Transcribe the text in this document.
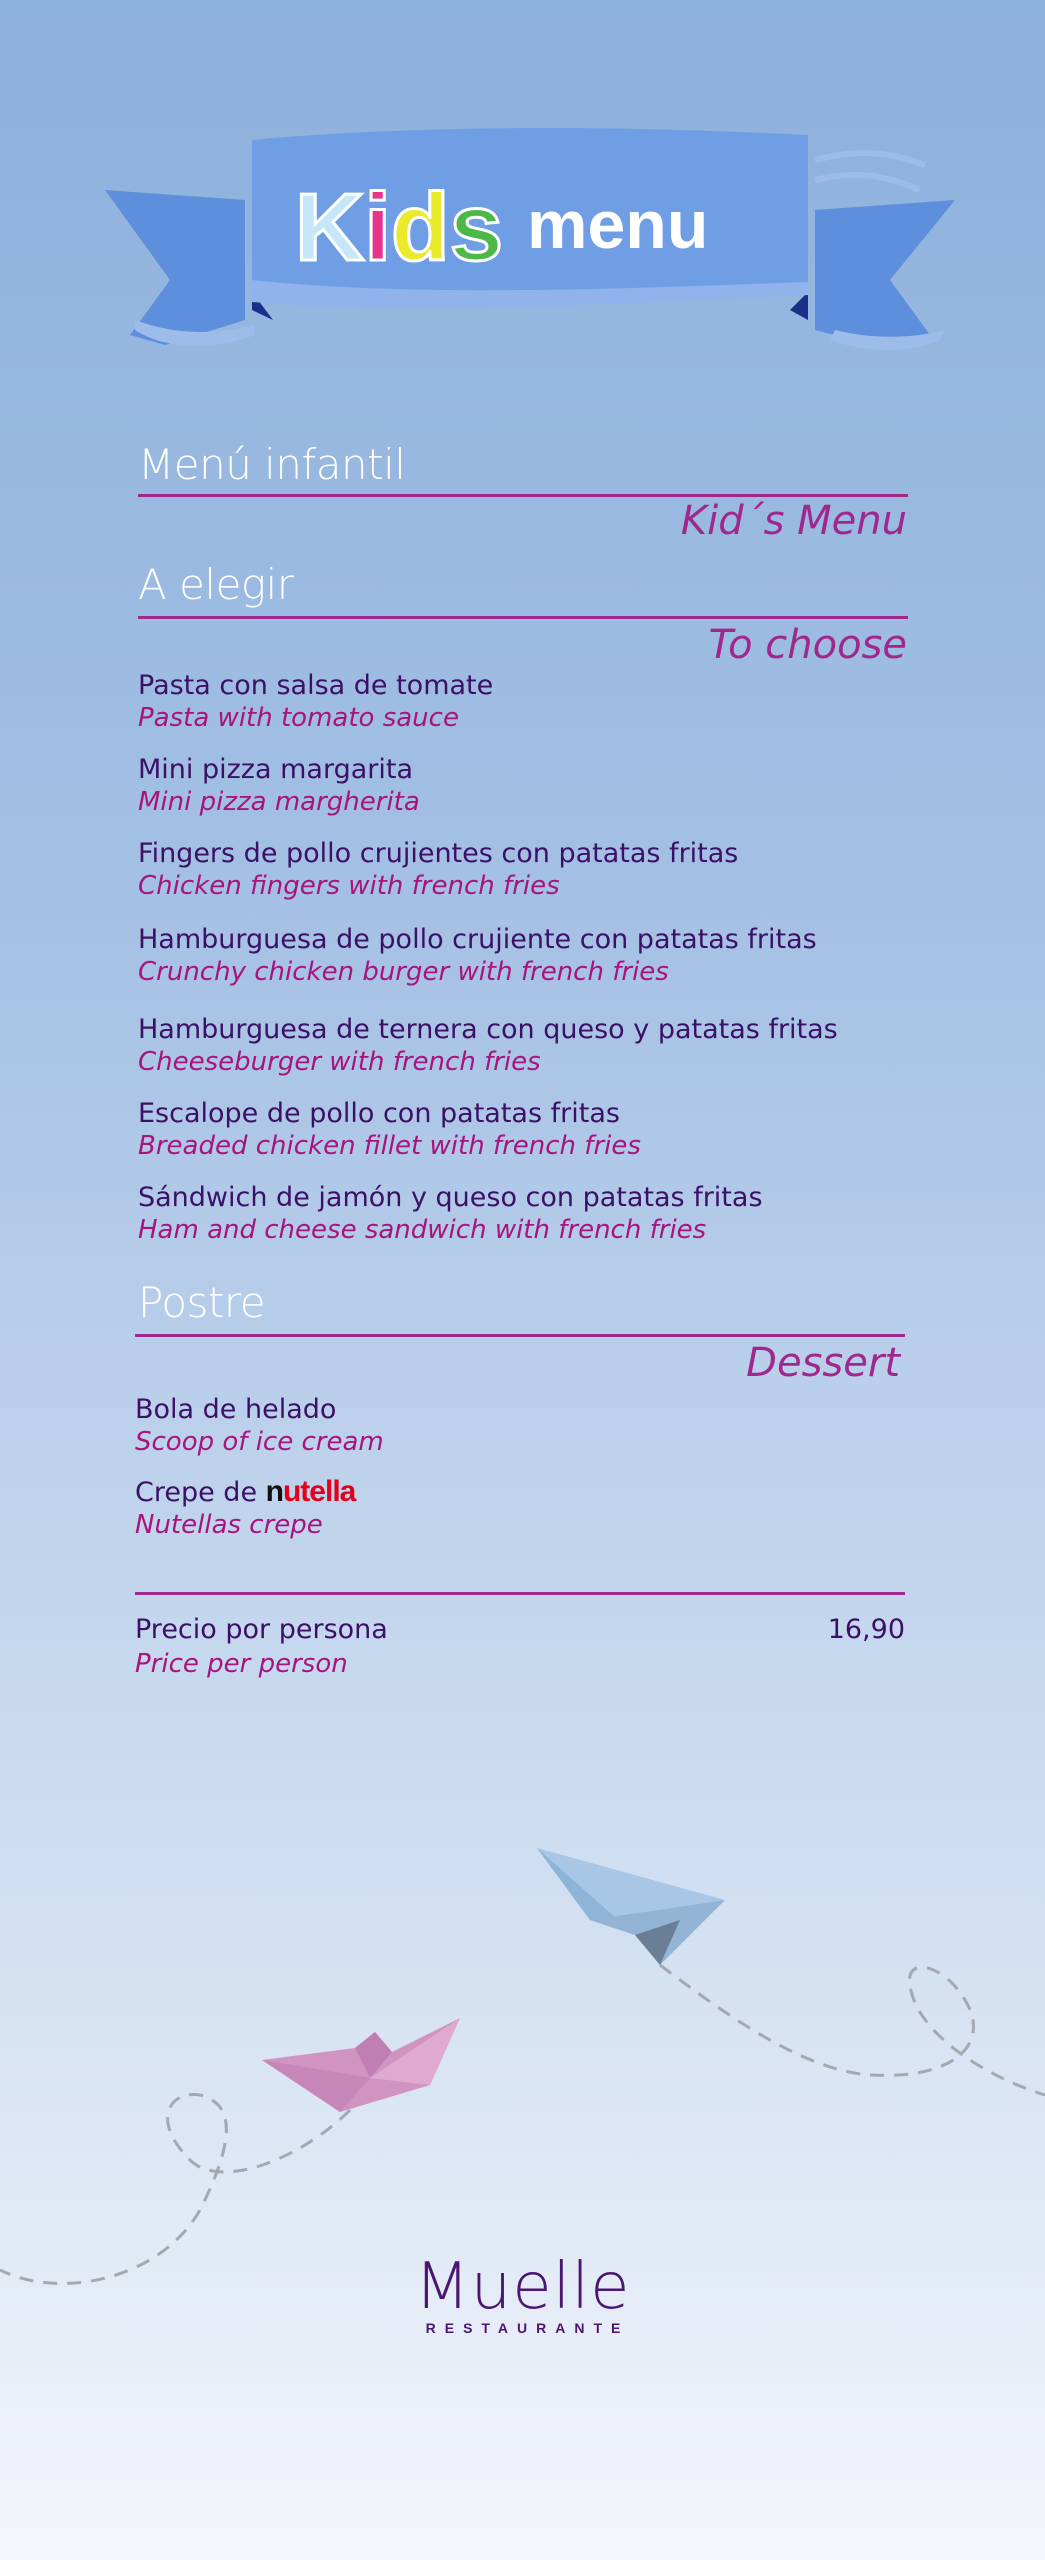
Kids menu
Menú infantil
Kid´s Menu
A elegir
To choose
Pasta con salsa de tomate
Pasta with tomato sauce
Mini pizza margarita
Mini pizza margherita
Fingers de pollo crujientes con patatas fritas
Chicken fingers with french fries
Hamburguesa de pollo crujiente con patatas fritas
Crunchy chicken burger with french fries
Hamburguesa de ternera con queso y patatas fritas
Cheeseburger with french fries
Escalope de pollo con patatas fritas
Breaded chicken fillet with french fries
Sándwich de jamón y queso con patatas fritas
Ham and cheese sandwich with french fries
Postre
Dessert
Bola de helado
Scoop of ice cream
Crepe de nutella
Nutellas crepe
Precio por persona
Price per person
16,90
Muelle
RESTAURANTE
